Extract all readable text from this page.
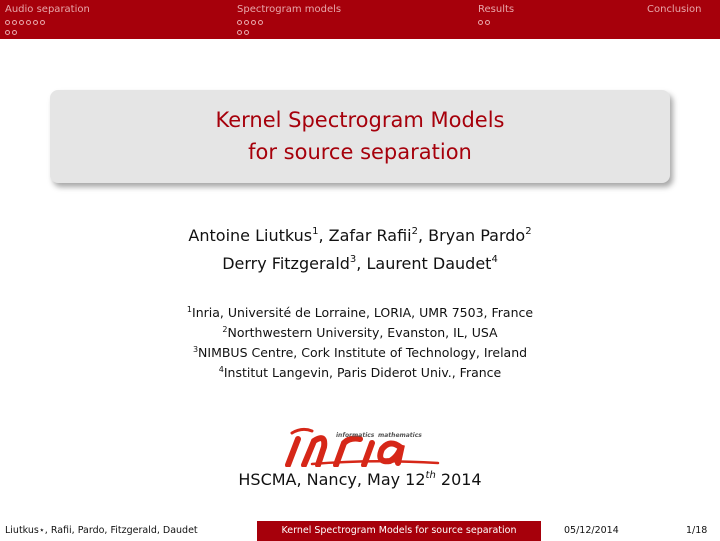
Audio separation	Spectrogram models	Results	Conclusion
Kernel Spectrogram Models
for source separation
Antoine Liutkus$^1$, Zafar Rafii$^2$, Bryan Pardo$^2$
Derry Fitzgerald$^3$, Laurent Daudet$^4$
$^1$Inria, Université de Lorraine, LORIA, UMR 7503, France
$^2$Northwestern University, Evanston, IL, USA
$^3$NIMBUS Centre, Cork Institute of Technology, Ireland
$^4$Institut Langevin, Paris Diderot Univ., France
informatics mathematics
HSCMA, Nancy, May 12th 2014
Liutkus⋆, Rafii, Pardo, Fitzgerald, Daudet	Kernel Spectrogram Models for source separation	05/12/2014	1/18
